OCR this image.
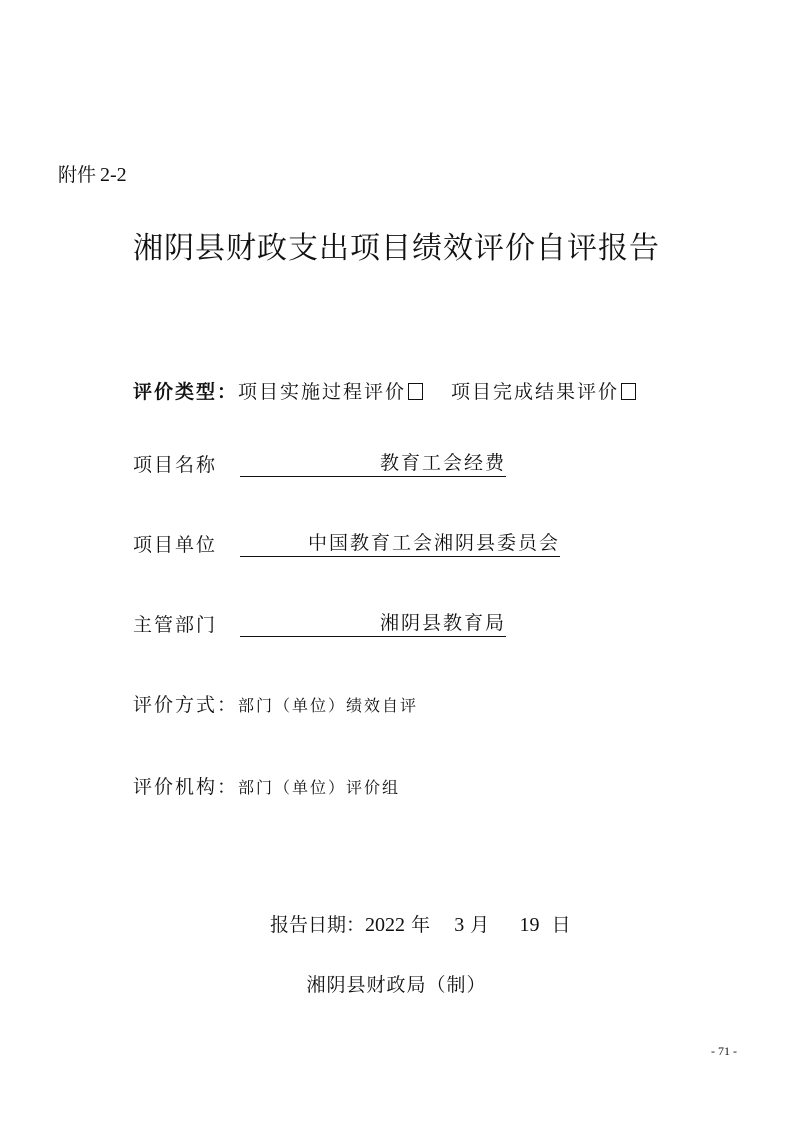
附件 2-2
湘阴县财政支出项目绩效评价自评报告
评价类型：项目实施过程评价 项目完成结果评价
项目名称	教育工会经费
项目单位	中国教育工会湘阴县委员会
主管部门	湘阴县教育局
评价方式：部门（单位）绩效自评
评价机构：部门（单位）评价组
报告日期：2022 年 3 月 19 日
湘阴县财政局（制）
- 71 -
